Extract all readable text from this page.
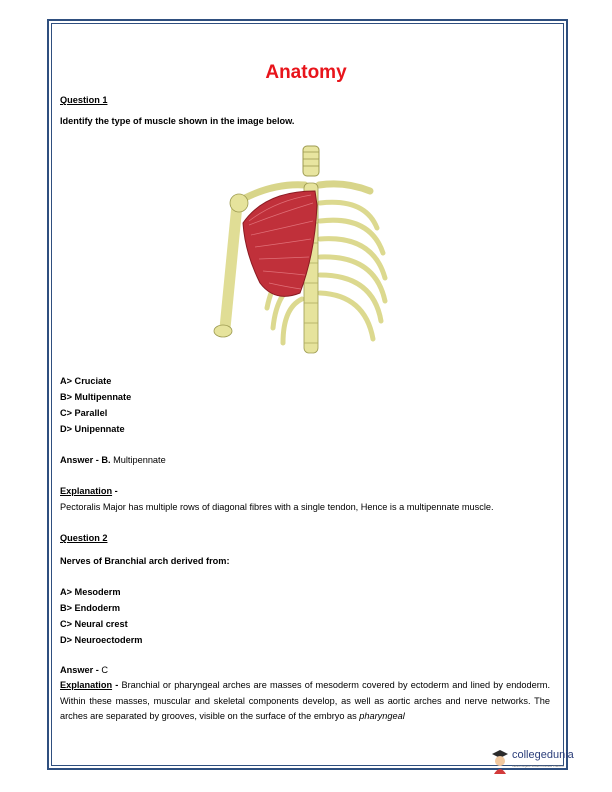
Anatomy
Question 1
Identify the type of muscle shown in the image below.
A> Cruciate
B> Multipennate
C> Parallel
D> Unipennate
Answer - B. Multipennate
Explanation -
Pectoralis Major has multiple rows of diagonal fibres with a single tendon, Hence is a multipennate muscle.
Question 2
Nerves of Branchial arch derived from:
A> Mesoderm
B> Endoderm
C> Neural crest
D> Neuroectoderm
Answer - C
Explanation - Branchial or pharyngeal arches are masses of mesoderm covered by ectoderm and lined by endoderm. Within these masses, muscular and skeletal components develop, as well as aortic arches and nerve networks. The arches are separated by grooves, visible on the surface of the embryo as pharyngeal
collegedunia
India's largest Student Review Platform
